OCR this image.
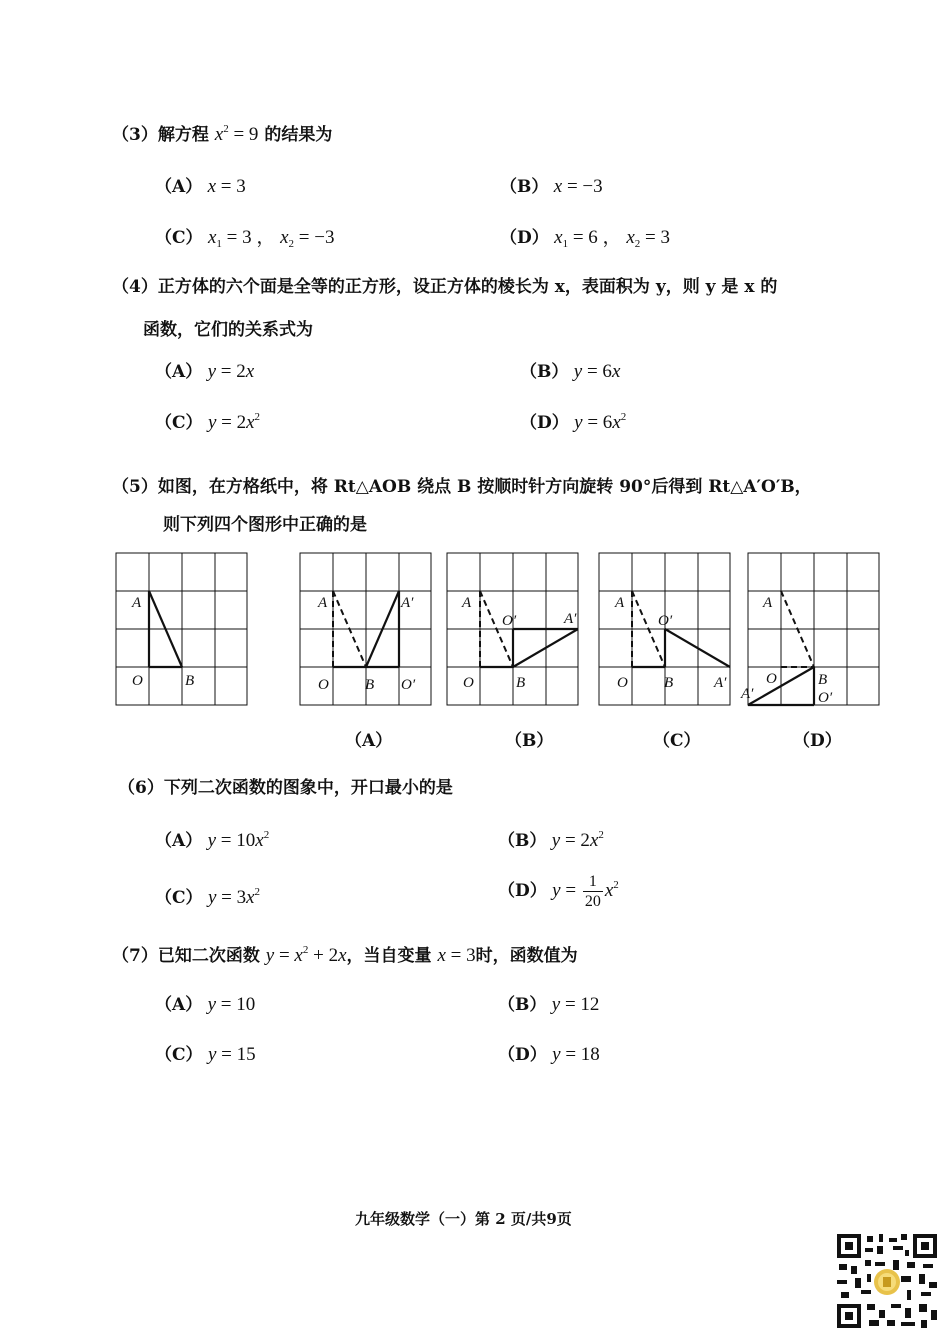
（3）解方程 $x^2 = 9$ 的结果为
（A） x = 3	（B） x = −3
（C） $x_1 = 3$ ， $x_2 = -3$	（D） $x_1 = 6$ ， $x_2 = 3$
（4）正方体的六个面是全等的正方形，设正方体的棱长为 x，表面积为 y，则 y 是 x 的
函数，它们的关系式为
（A） y = 2x	（B） y = 6x
（C） $y = 2x^2$	（D） $y = 6x^2$
（5）如图，在方格纸中，将 Rt△AOB 绕点 B 按顺时针方向旋转 90°后得到 Rt△A′O′B，
则下列四个图形中正确的是
A
O	B
A	A′
O B O′
A
O′	A′
O	B
A
O′
O B	A′
A
O	B
O′
A′
（A）	（B）	（C）	（D）
（6）下列二次函数的图象中，开口最小的是
（A） $y = 10x^2$	（B） $y = 2x^2$
（C） $y = 3x^2$	（D） $y = \frac{1}{20} x^2$
（7）已知二次函数 $y = x^2 + 2x$，当自变量 x = 3时，函数值为
（A） y = 10	（B） y = 12
（C） y = 15	（D） y = 18
九年级数学（一）第 2 页/共9页
